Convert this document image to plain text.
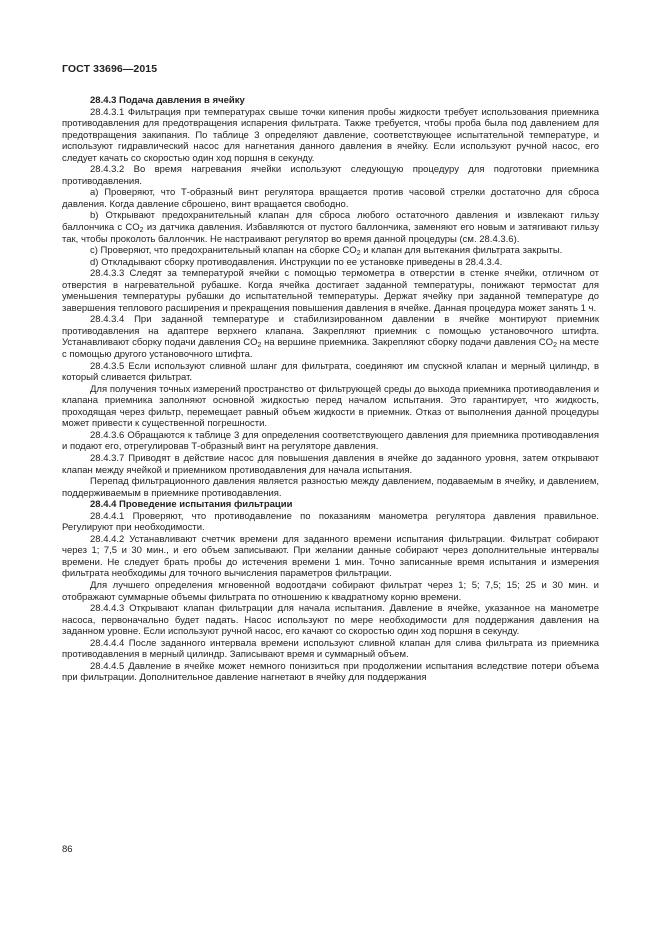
ГОСТ 33696—2015

28.4.3 Подача давления в ячейку

28.4.3.1 Фильтрация при температурах свыше точки кипения пробы жидкости требует использования приемника противодавления для предотвращения испарения фильтрата. Также требуется, чтобы проба была под давлением для предотвращения закипания. По таблице 3 определяют давление, соответствующее испытательной температуре, и используют гидравлический насос для нагнетания данного давления в ячейку. Если используют ручной насос, его следует качать со скоростью один ход поршня в секунду.

28.4.3.2 Во время нагревания ячейки используют следующую процедуру для подготовки приемника противодавления.

а) Проверяют, что Т-образный винт регулятора вращается против часовой стрелки достаточно для сброса давления. Когда давление сброшено, винт вращается свободно.

b) Открывают предохранительный клапан для сброса любого остаточного давления и извлекают гильзу баллончика с $CO_2$ из датчика давления. Избавляются от пустого баллончика, заменяют его новым и затягивают гильзу так, чтобы проколоть баллончик. Не настраивают регулятор во время данной процедуры (см. 28.4.3.6).

с) Проверяют, что предохранительный клапан на сборке $CO_2$ и клапан для вытекания фильтрата закрыты.

d) Откладывают сборку противодавления. Инструкции по ее установке приведены в 28.4.3.4.

28.4.3.3 Следят за температурой ячейки с помощью термометра в отверстии в стенке ячейки, отличном от отверстия в нагревательной рубашке. Когда ячейка достигает заданной температуры, понижают термостат для уменьшения температуры рубашки до испытательной температуры. Держат ячейку при заданной температуре до завершения теплового расширения и прекращения повышения давления в ячейке. Данная процедура может занять 1 ч.

28.4.3.4 При заданной температуре и стабилизированном давлении в ячейке монтируют приемник противодавления на адаптере верхнего клапана. Закрепляют приемник с помощью установочного штифта. Устанавливают сборку подачи давления $CO_2$ на вершине приемника. Закрепляют сборку подачи давления $CO_2$ на месте с помощью другого установочного штифта.

28.4.3.5 Если используют сливной шланг для фильтрата, соединяют им спускной клапан и мерный цилиндр, в который сливается фильтрат.

Для получения точных измерений пространство от фильтрующей среды до выхода приемника противодавления и клапана приемника заполняют основной жидкостью перед началом испытания. Это гарантирует, что жидкость, проходящая через фильтр, перемещает равный объем жидкости в приемник. Отказ от выполнения данной процедуры может привести к существенной погрешности.

28.4.3.6 Обращаются к таблице 3 для определения соответствующего давления для приемника противодавления и подают его, отрегулировав Т-образный винт на регуляторе давления.

28.4.3.7 Приводят в действие насос для повышения давления в ячейке до заданного уровня, затем открывают клапан между ячейкой и приемником противодавления для начала испытания.

Перепад фильтрационного давления является разностью между давлением, подаваемым в ячейку, и давлением, поддерживаемым в приемнике противодавления.

28.4.4 Проведение испытания фильтрации

28.4.4.1 Проверяют, что противодавление по показаниям манометра регулятора давления правильное. Регулируют при необходимости.

28.4.4.2 Устанавливают счетчик времени для заданного времени испытания фильтрации. Фильтрат собирают через 1; 7,5 и 30 мин., и его объем записывают. При желании данные собирают через дополнительные интервалы времени. Не следует брать пробы до истечения времени 1 мин. Точно записанные время испытания и измерения фильтрата необходимы для точного вычисления параметров фильтрации.

Для лучшего определения мгновенной водоотдачи собирают фильтрат через 1; 5; 7,5; 15; 25 и 30 мин. и отображают суммарные объемы фильтрата по отношению к квадратному корню времени.

28.4.4.3 Открывают клапан фильтрации для начала испытания. Давление в ячейке, указанное на манометре насоса, первоначально будет падать. Насос используют по мере необходимости для поддержания давления на заданном уровне. Если используют ручной насос, его качают со скоростью один ход поршня в секунду.

28.4.4.4 После заданного интервала времени используют сливной клапан для слива фильтрата из приемника противодавления в мерный цилиндр. Записывают время и суммарный объем.

28.4.4.5 Давление в ячейке может немного понизиться при продолжении испытания вследствие потери объема при фильтрации. Дополнительное давление нагнетают в ячейку для поддержания

86
